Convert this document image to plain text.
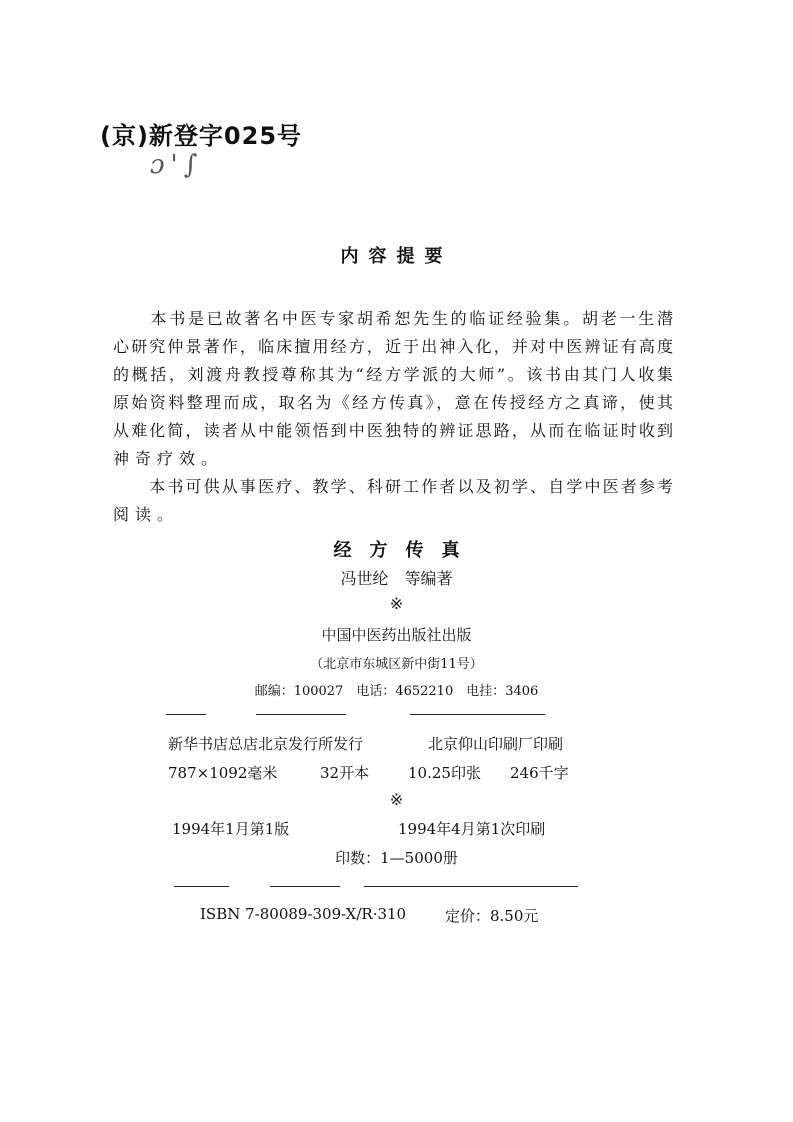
(京)新登字025号
ɔ'∫
内容提要
　　本书是已故著名中医专家胡希恕先生的临证经验集。胡老一生潜
心研究仲景著作，临床擅用经方，近于出神入化，并对中医辨证有高度
的概括，刘渡舟教授尊称其为“经方学派的大师”。该书由其门人收集
原始资料整理而成，取名为《经方传真》，意在传授经方之真谛，使其
从难化简，读者从中能领悟到中医独特的辨证思路，从而在临证时收到
神奇疗效。
　　本书可供从事医疗、教学、科研工作者以及初学、自学中医者参考
阅读。
经　方　传　真
冯世纶　等编著
※
中国中医药出版社出版
（北京市东城区新中街11号）
邮编：100027　电话：4652210　电挂：3406
新华书店总店北京发行所发行	北京仰山印刷厂印刷
787×1092毫米	32开本	10.25印张 246千字
※
1994年1月第1版	1994年4月第1次印刷
印数：1—5000册
ISBN 7-80089-309-X/R·310	定价：8.50元
